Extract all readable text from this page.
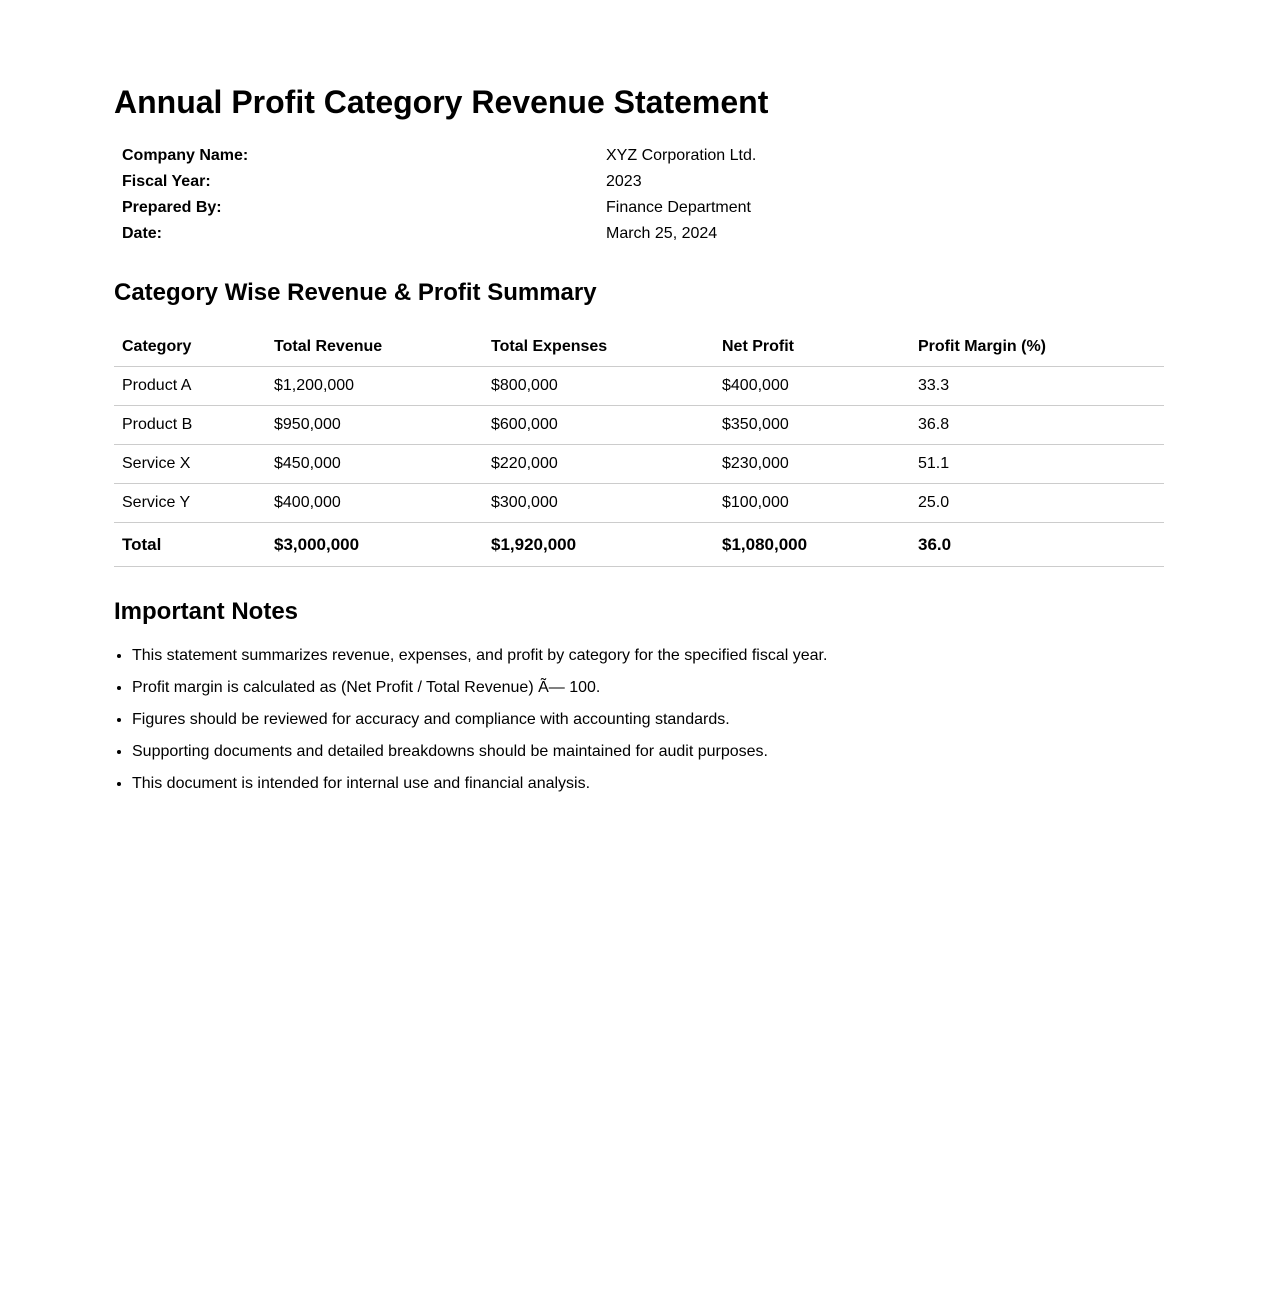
Annual Profit Category Revenue Statement
Company Name:	XYZ Corporation Ltd.
Fiscal Year:	2023
Prepared By:	Finance Department
Date:	March 25, 2024
Category Wise Revenue & Profit Summary
Category	Total Revenue	Total Expenses	Net Profit	Profit Margin (%)
Product A	$1,200,000	$800,000	$400,000	33.3
Product B	$950,000	$600,000	$350,000	36.8
Service X	$450,000	$220,000	$230,000	51.1
Service Y	$400,000	$300,000	$100,000	25.0
Total	$3,000,000	$1,920,000	$1,080,000	36.0
Important Notes
• This statement summarizes revenue, expenses, and profit by category for the specified fiscal year.
• Profit margin is calculated as (Net Profit / Total Revenue) Ã— 100.
• Figures should be reviewed for accuracy and compliance with accounting standards.
• Supporting documents and detailed breakdowns should be maintained for audit purposes.
• This document is intended for internal use and financial analysis.
